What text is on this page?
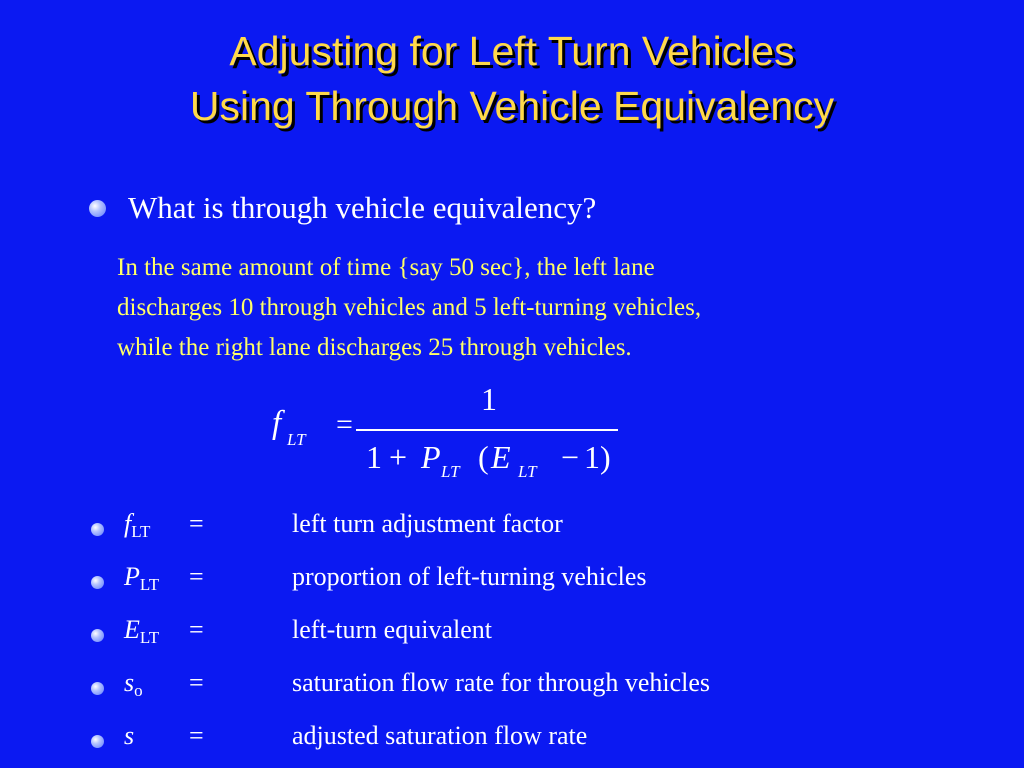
Adjusting for Left Turn Vehicles
Using Through Vehicle Equivalency
What is through vehicle equivalency?
In the same amount of time {say 50 sec}, the left lane
discharges 10 through vehicles and 5 left-turning vehicles,
while the right lane discharges 25 through vehicles.
f LT =
1
1 + P LT ( E LT − 1)
$f_{LT}$ =	left turn adjustment factor
$P_{LT}$ =	proportion of left-turning vehicles
$E_{LT}$ =	left-turn equivalent
$s_o$ =	saturation flow rate for through vehicles
s =	adjusted saturation flow rate
